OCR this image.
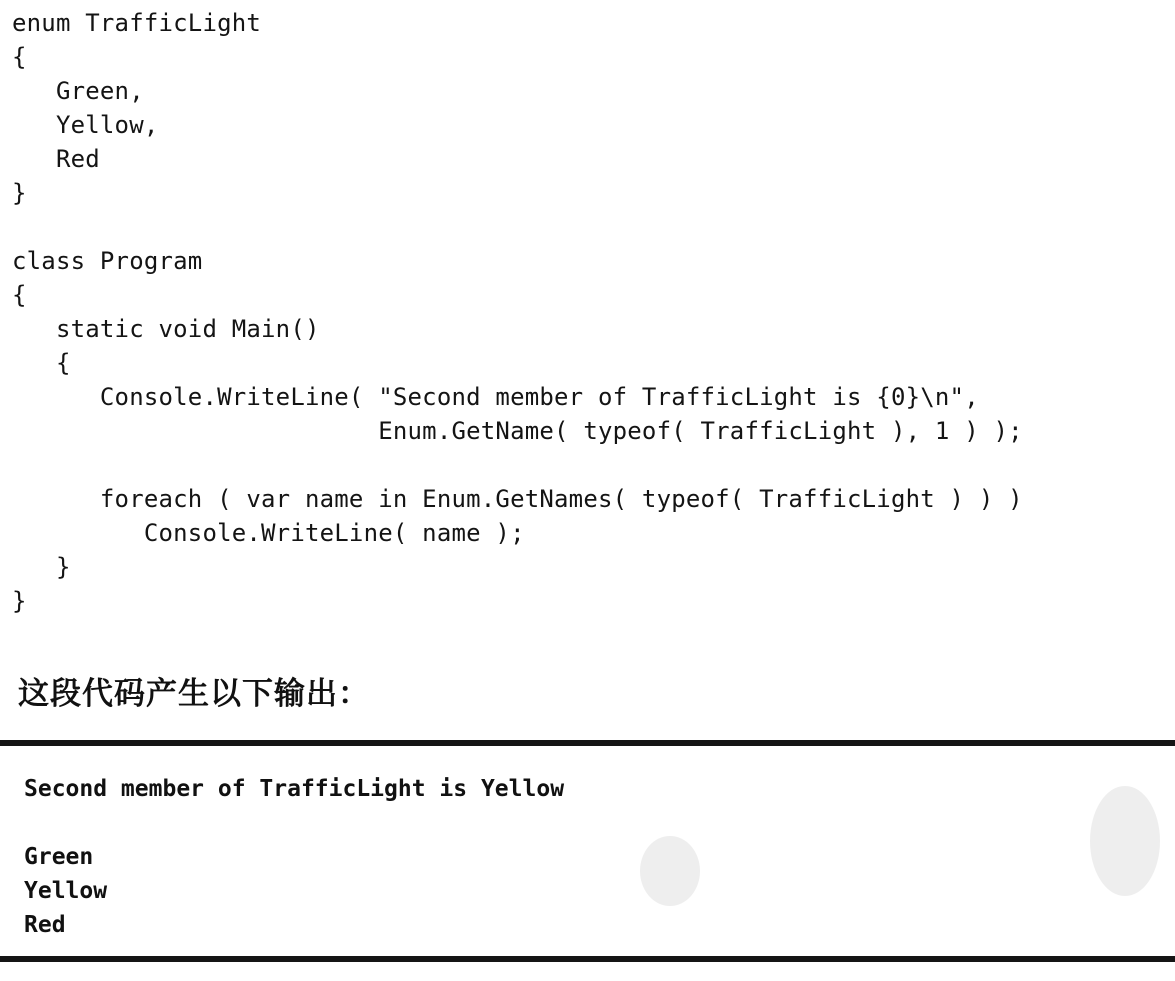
enum TrafficLight
{
Green,
Yellow,
Red
}
class Program
{
static void Main()
{
Console.WriteLine( "Second member of TrafficLight is {0}\n",
Enum.GetName( typeof( TrafficLight ), 1 ) );
foreach ( var name in Enum.GetNames( typeof( TrafficLight ) ) )
Console.WriteLine( name );
}
}
这段代码产生以下输出：
Second member of TrafficLight is Yellow
Green
Yellow
Red
